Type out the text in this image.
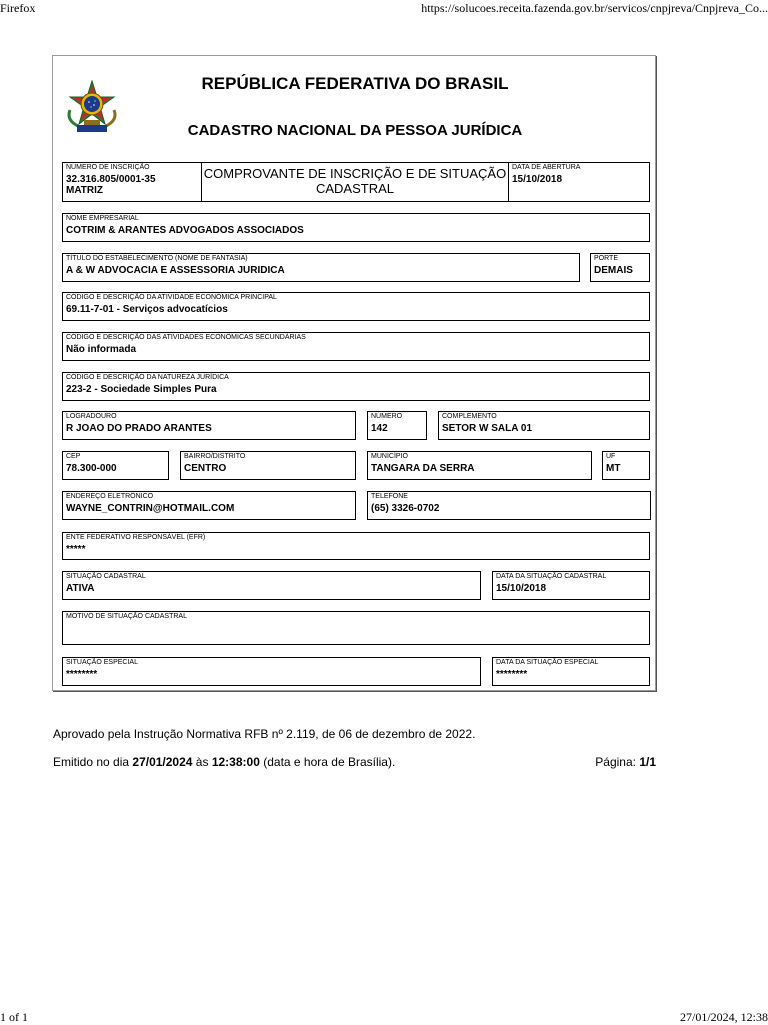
Firefox	https://solucoes.receita.fazenda.gov.br/servicos/cnpjreva/Cnpjreva_Co...
1 of 1	27/01/2024, 12:38
REPÚBLICA FEDERATIVA DO BRASIL
CADASTRO NACIONAL DA PESSOA JURÍDICA
NÚMERO DE INSCRIÇÃO
32.316.805/0001-35
MATRIZ
COMPROVANTE DE INSCRIÇÃO E DE SITUAÇÃO
CADASTRAL
DATA DE ABERTURA
15/10/2018
NOME EMPRESARIAL
COTRIM & ARANTES ADVOGADOS ASSOCIADOS
TÍTULO DO ESTABELECIMENTO (NOME DE FANTASIA)
A & W ADVOCACIA E ASSESSORIA JURIDICA
PORTE
DEMAIS
CÓDIGO E DESCRIÇÃO DA ATIVIDADE ECONÔMICA PRINCIPAL
69.11-7-01 - Serviços advocatícios
CÓDIGO E DESCRIÇÃO DAS ATIVIDADES ECONÔMICAS SECUNDÁRIAS
Não informada
CÓDIGO E DESCRIÇÃO DA NATUREZA JURÍDICA
223-2 - Sociedade Simples Pura
LOGRADOURO
R JOAO DO PRADO ARANTES
NÚMERO
142
COMPLEMENTO
SETOR W SALA 01
CEP
78.300-000
BAIRRO/DISTRITO
CENTRO
MUNICÍPIO
TANGARA DA SERRA
UF
MT
ENDEREÇO ELETRÔNICO
WAYNE_CONTRIN@HOTMAIL.COM
TELEFONE
(65) 3326-0702
ENTE FEDERATIVO RESPONSÁVEL (EFR)
*****
SITUAÇÃO CADASTRAL
ATIVA
DATA DA SITUAÇÃO CADASTRAL
15/10/2018
MOTIVO DE SITUAÇÃO CADASTRAL
SITUAÇÃO ESPECIAL
********
DATA DA SITUAÇÃO ESPECIAL
********
Aprovado pela Instrução Normativa RFB nº 2.119, de 06 de dezembro de 2022.
Emitido no dia 27/01/2024 às 12:38:00 (data e hora de Brasília).	Página: 1/1
